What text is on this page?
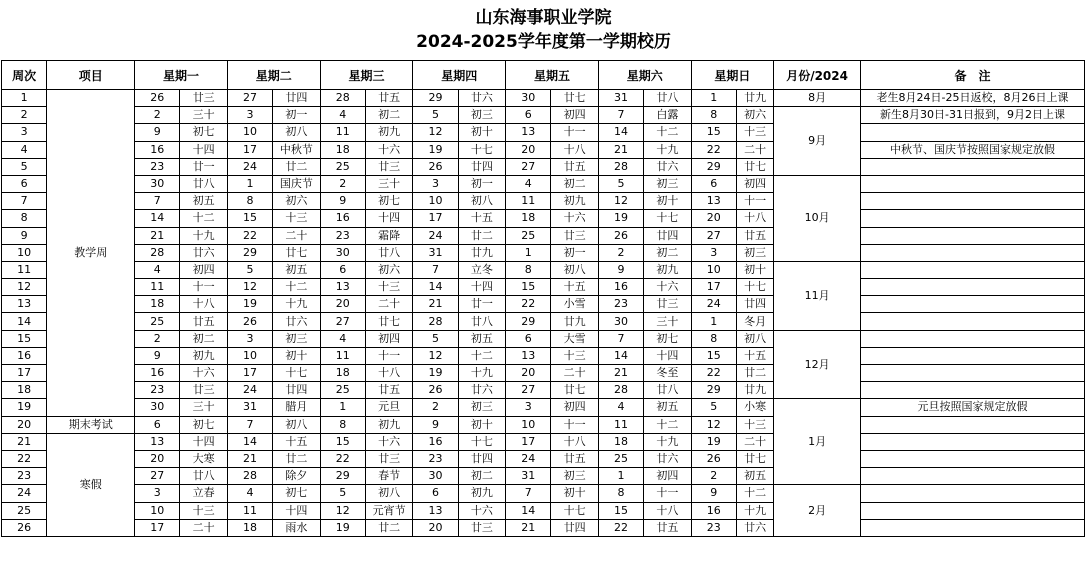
山东海事职业学院
2024-2025学年度第一学期校历
周次	项目	星期一		星期二		星期三		星期四		星期五		星期六		星期日		月份/2024	备　注
1	教学周	26	廿三	27	廿四	28	廿五	29	廿六	30	廿七	31	廿八	1	廿九	8月	老生8月24日-25日返校，8月26日上课
2		2	三十	3	初一	4	初二	5	初三	6	初四	7	白露	8	初六	9月	新生8月30日-31日报到，9月2日上课
3		9	初七	10	初八	11	初九	12	初十	13	十一	14	十二	15	十三		
4		16	十四	17	中秋节	18	十六	19	十七	20	十八	21	十九	22	二十		中秋节、国庆节按照国家规定放假
5		23	廿一	24	廿二	25	廿三	26	廿四	27	廿五	28	廿六	29	廿七		
6		30	廿八	1	国庆节	2	三十	3	初一	4	初二	5	初三	6	初四	10月	
7		7	初五	8	初六	9	初七	10	初八	11	初九	12	初十	13	十一		
8		14	十二	15	十三	16	十四	17	十五	18	十六	19	十七	20	十八		
9		21	十九	22	二十	23	霜降	24	廿二	25	廿三	26	廿四	27	廿五		
10		28	廿六	29	廿七	30	廿八	31	廿九	1	初一	2	初二	3	初三		
11		4	初四	5	初五	6	初六	7	立冬	8	初八	9	初九	10	初十	11月	
12		11	十一	12	十二	13	十三	14	十四	15	十五	16	十六	17	十七		
13		18	十八	19	十九	20	二十	21	廿一	22	小雪	23	廿三	24	廿四		
14		25	廿五	26	廿六	27	廿七	28	廿八	29	廿九	30	三十	1	冬月		
15		2	初二	3	初三	4	初四	5	初五	6	大雪	7	初七	8	初八	12月	
16		9	初九	10	初十	11	十一	12	十二	13	十三	14	十四	15	十五		
17		16	十六	17	十七	18	十八	19	十九	20	二十	21	冬至	22	廿二		
18		23	廿三	24	廿四	25	廿五	26	廿六	27	廿七	28	廿八	29	廿九		
19		30	三十	31	腊月	1	元旦	2	初三	3	初四	4	初五	5	小寒	1月	元旦按照国家规定放假
20	期末考试	6	初七	7	初八	8	初九	9	初十	10	十一	11	十二	12	十三		
21	寒假	13	十四	14	十五	15	十六	16	十七	17	十八	18	十九	19	二十		
22		20	大寒	21	廿二	22	廿三	23	廿四	24	廿五	25	廿六	26	廿七		
23		27	廿八	28	除夕	29	春节	30	初二	31	初三	1	初四	2	初五		
24		3	立春	4	初七	5	初八	6	初九	7	初十	8	十一	9	十二	2月	
25		10	十三	11	十四	12	元宵节	13	十六	14	十七	15	十八	16	十九		
26		17	二十	18	雨水	19	廿二	20	廿三	21	廿四	22	廿五	23	廿六		
